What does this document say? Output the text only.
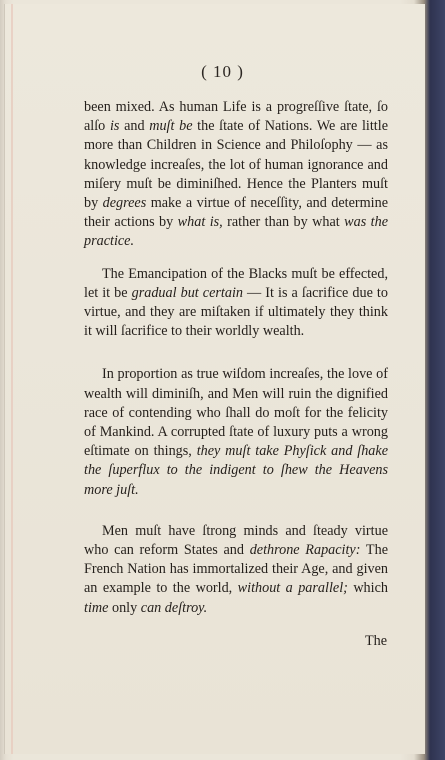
( 10 )

been mixed. As human Life is a progreſſive ſtate, ſo alſo is and muſt be the ſtate of Nations. We are little more than Children in Science and Philoſophy — as knowledge increaſes, the lot of human ignorance and miſery muſt be diminiſhed. Hence the Planters muſt by degrees make a virtue of neceſſity, and determine their actions by what is, rather than by what was the practice.

The Emancipation of the Blacks muſt be effected, let it be gradual but certain — It is a ſacrifice due to virtue, and they are miſtaken if ultimately they think it will ſacrifice to their worldly wealth.

In proportion as true wiſdom increaſes, the love of wealth will diminiſh, and Men will ruin the dignified race of contending who ſhall do moſt for the felicity of Mankind. A corrupted ſtate of luxury puts a wrong eſtimate on things, they muſt take Phyſick and ſhake the ſuperflux to the indigent to ſhew the Heavens more juſt.

Men muſt have ſtrong minds and ſteady virtue who can reform States and dethrone Rapacity: The French Nation has immortalized their Age, and given an example to the world, without a parallel; which time only can deſtroy.

The
